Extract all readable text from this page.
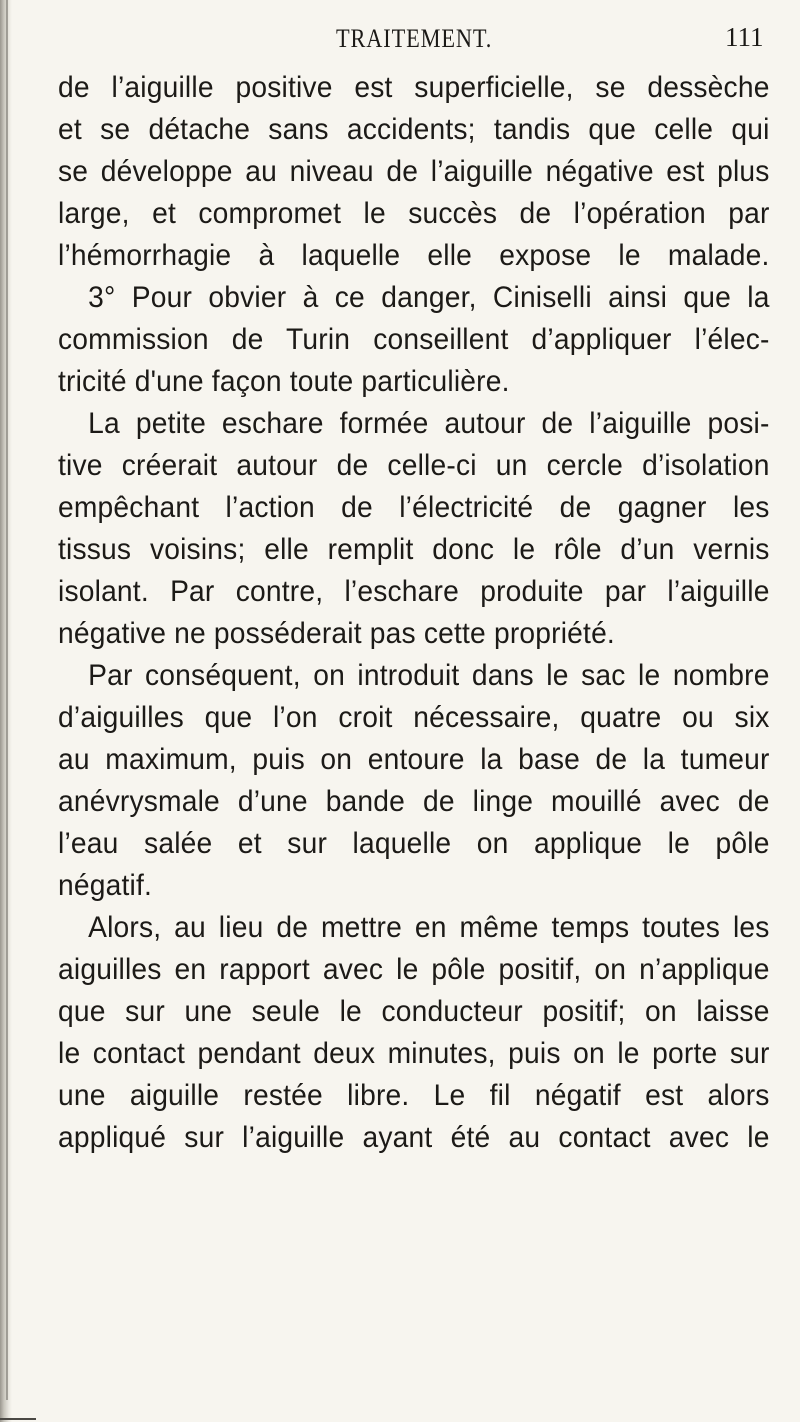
TRAITEMENT.	111
de l’aiguille positive est superficielle, se dessèche
et se détache sans accidents; tandis que celle qui
se développe au niveau de l’aiguille négative est plus
large, et compromet le succès de l’opération par
l’hémorrhagie à laquelle elle expose le malade.
3° Pour obvier à ce danger, Ciniselli ainsi que la
commission de Turin conseillent d’appliquer l’élec-
tricité d'une façon toute particulière.
La petite eschare formée autour de l’aiguille posi-
tive créerait autour de celle-ci un cercle d’isolation
empêchant l’action de l’électricité de gagner les
tissus voisins; elle remplit donc le rôle d’un vernis
isolant. Par contre, l’eschare produite par l’aiguille
négative ne posséderait pas cette propriété.
Par conséquent, on introduit dans le sac le nombre
d’aiguilles que l’on croit nécessaire, quatre ou six
au maximum, puis on entoure la base de la tumeur
anévrysmale d’une bande de linge mouillé avec de
l’eau salée et sur laquelle on applique le pôle
négatif.
Alors, au lieu de mettre en même temps toutes les
aiguilles en rapport avec le pôle positif, on n’applique
que sur une seule le conducteur positif; on laisse
le contact pendant deux minutes, puis on le porte sur
une aiguille restée libre. Le fil négatif est alors
appliqué sur l’aiguille ayant été au contact avec le
